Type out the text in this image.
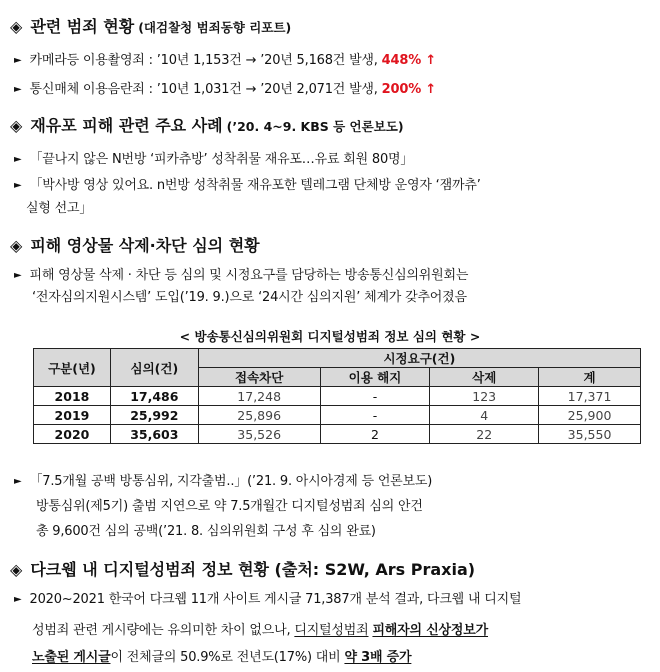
◈ 관련 범죄 현황 (대검찰청 범죄동향 리포트)
► 카메라등 이용촬영죄 : ’10년 1,153건 → ’20년 5,168건 발생, 448% ↑
► 통신매체 이용음란죄 : ’10년 1,031건 → ’20년 2,071건 발생, 200% ↑
◈ 재유포 피해 관련 주요 사례 (’20. 4~9. KBS 등 언론보도)
► 「끝나지 않은 N번방 ‘피카츄방’ 성착취물 재유포…유료 회원 80명」
► 「박사방 영상 있어요. n번방 성착취물 재유포한 텔레그램 단체방 운영자 ‘잼까츄’
실형 선고」
◈ 피해 영상물 삭제·차단 심의 현황
► 피해 영상물 삭제 · 차단 등 심의 및 시정요구를 담당하는 방송통신심의위원회는
‘전자심의지원시스템’ 도입(’19. 9.)으로 ‘24시간 심의지원’ 체계가 갖추어졌음
< 방송통신심의위원회 디지털성범죄 정보 심의 현황 >
구분(년)	심의(건)	시정요구(건)			
		접속차단	이용 해지	삭제	계
2018	17,486	17,248	-	123	17,371
2019	25,992	25,896	-	4	25,900
2020	35,603	35,526	2	22	35,550
► 「7.5개월 공백 방통심위, 지각출범..」(’21. 9. 아시아경제 등 언론보도)
방통심위(제5기) 출범 지연으로 약 7.5개월간 디지털성범죄 심의 안건
총 9,600건 심의 공백(’21. 8. 심의위원회 구성 후 심의 완료)
◈ 다크웹 내 디지털성범죄 정보 현황 (출처: S2W, Ars Praxia)
► 2020~2021 한국어 다크웹 11개 사이트 게시글 71,387개 분석 결과, 다크웹 내 디지털
성범죄 관련 게시량에는 유의미한 차이 없으나, 디지털성범죄 피해자의 신상정보가
노출된 게시글이 전체글의 50.9%로 전년도(17%) 대비 약 3배 증가
